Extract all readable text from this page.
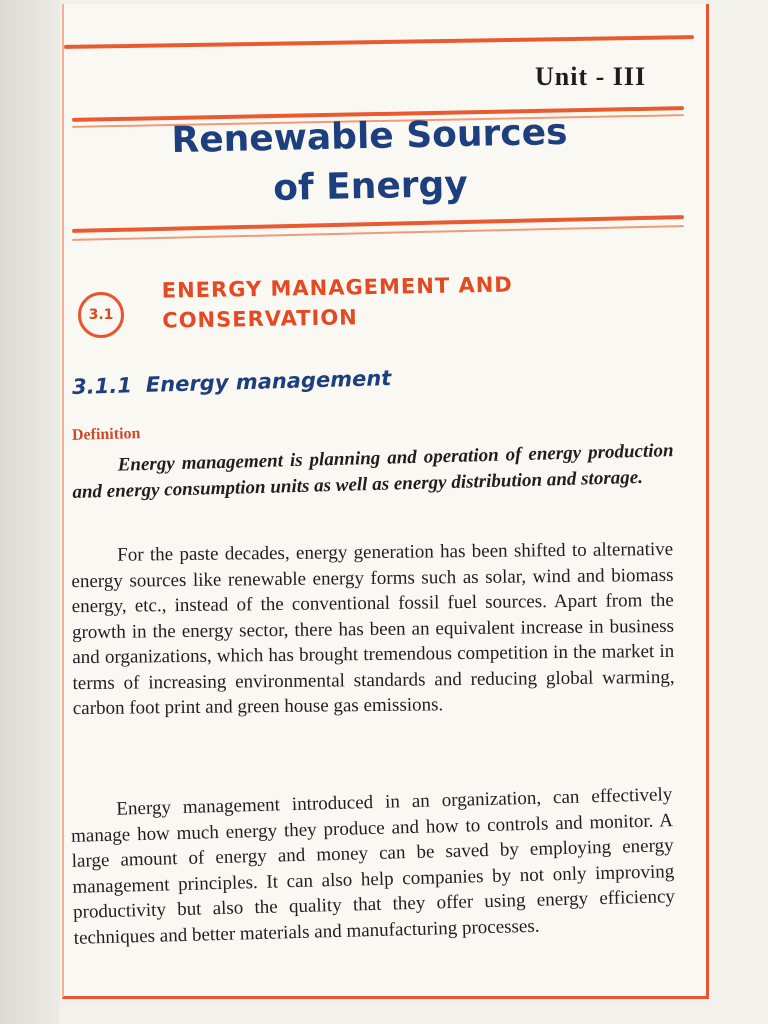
Unit - III
Renewable Sources
of Energy
3.1
ENERGY MANAGEMENT AND CONSERVATION
3.1.1 Energy management
Definition
Energy management is planning and operation of energy production and energy consumption units as well as energy distribution and storage.
For the paste decades, energy generation has been shifted to alternative energy sources like renewable energy forms such as solar, wind and biomass energy, etc., instead of the conventional fossil fuel sources. Apart from the growth in the energy sector, there has been an equivalent increase in business and organizations, which has brought tremendous competition in the market in terms of increasing environmental standards and reducing global warming, carbon foot print and green house gas emissions.
Energy management introduced in an organization, can effectively manage how much energy they produce and how to controls and monitor. A large amount of energy and money can be saved by employing energy management principles. It can also help companies by not only improving productivity but also the quality that they offer using energy efficiency techniques and better materials and manufacturing processes.
